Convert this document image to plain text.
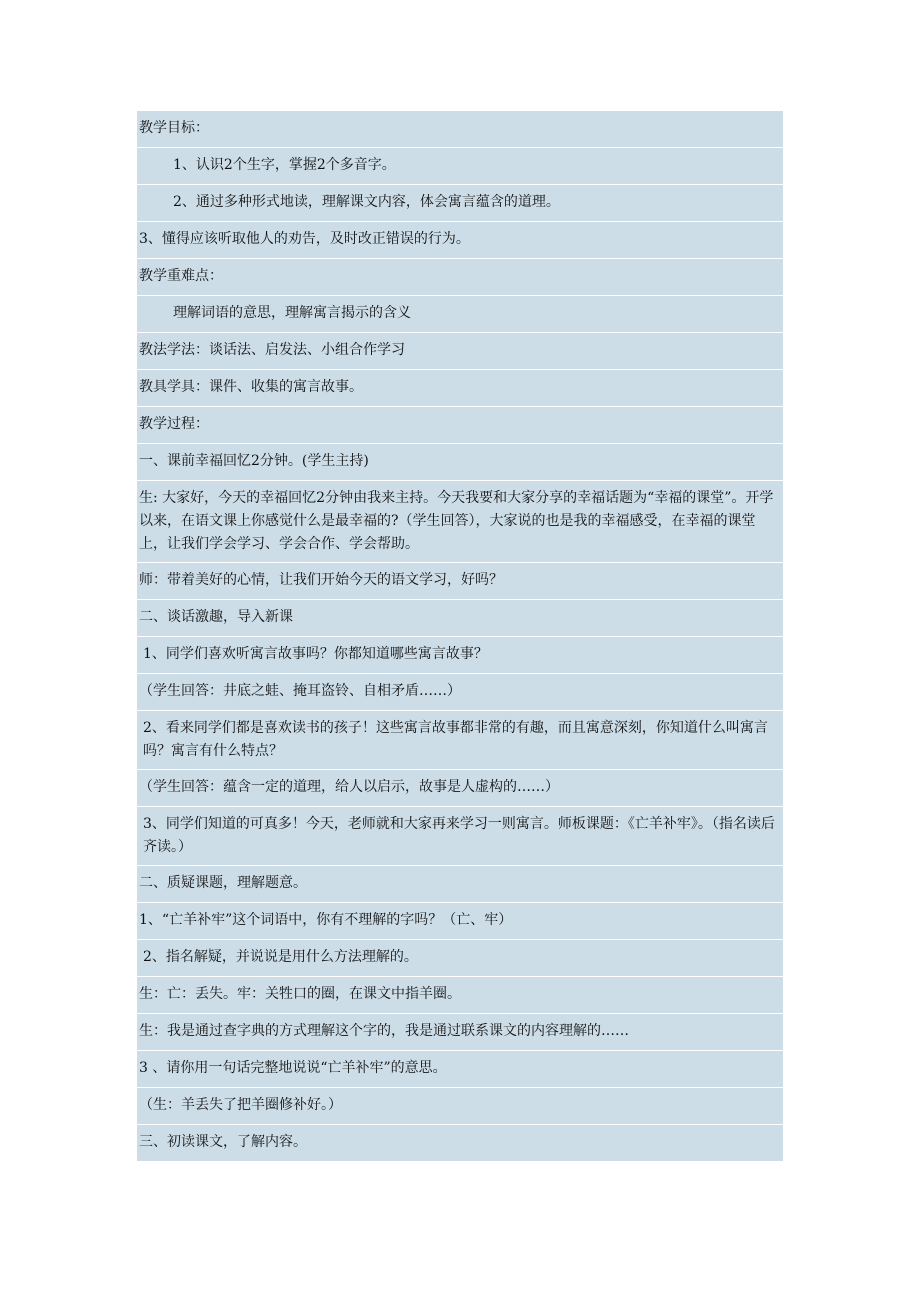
教学目标：
1、认识2个生字，掌握2个多音字。
2、通过多种形式地读，理解课文内容，体会寓言蕴含的道理。
3、懂得应该听取他人的劝告，及时改正错误的行为。
教学重难点：
理解词语的意思，理解寓言揭示的含义
教法学法：谈话法、启发法、小组合作学习
教具学具：课件、收集的寓言故事。
教学过程：
一、课前幸福回忆2分钟。(学生主持)
生: 大家好，今天的幸福回忆2分钟由我来主持。今天我要和大家分享的幸福话题为“幸福的课堂”。开学以来，在语文课上你感觉什么是最幸福的?（学生回答），大家说的也是我的幸福感受，在幸福的课堂上，让我们学会学习、学会合作、学会帮助。
师：带着美好的心情，让我们开始今天的语文学习，好吗？
二、谈话激趣，导入新课
1、同学们喜欢听寓言故事吗？你都知道哪些寓言故事？
（学生回答：井底之蛙、掩耳盗铃、自相矛盾……）
2、看来同学们都是喜欢读书的孩子！这些寓言故事都非常的有趣，而且寓意深刻，你知道什么叫寓言吗？寓言有什么特点？
（学生回答：蕴含一定的道理，给人以启示，故事是人虚构的……）
3、同学们知道的可真多！今天，老师就和大家再来学习一则寓言。师板课题：《亡羊补牢》。（指名读后齐读。）
二、质疑课题，理解题意。
1、“亡羊补牢”这个词语中，你有不理解的字吗？（亡、牢）
2、指名解疑，并说说是用什么方法理解的。
生：亡：丢失。牢：关牲口的圈，在课文中指羊圈。
生：我是通过查字典的方式理解这个字的，我是通过联系课文的内容理解的……
3 、请你用一句话完整地说说“亡羊补牢”的意思。
（生：羊丢失了把羊圈修补好。）
三、初读课文，了解内容。
